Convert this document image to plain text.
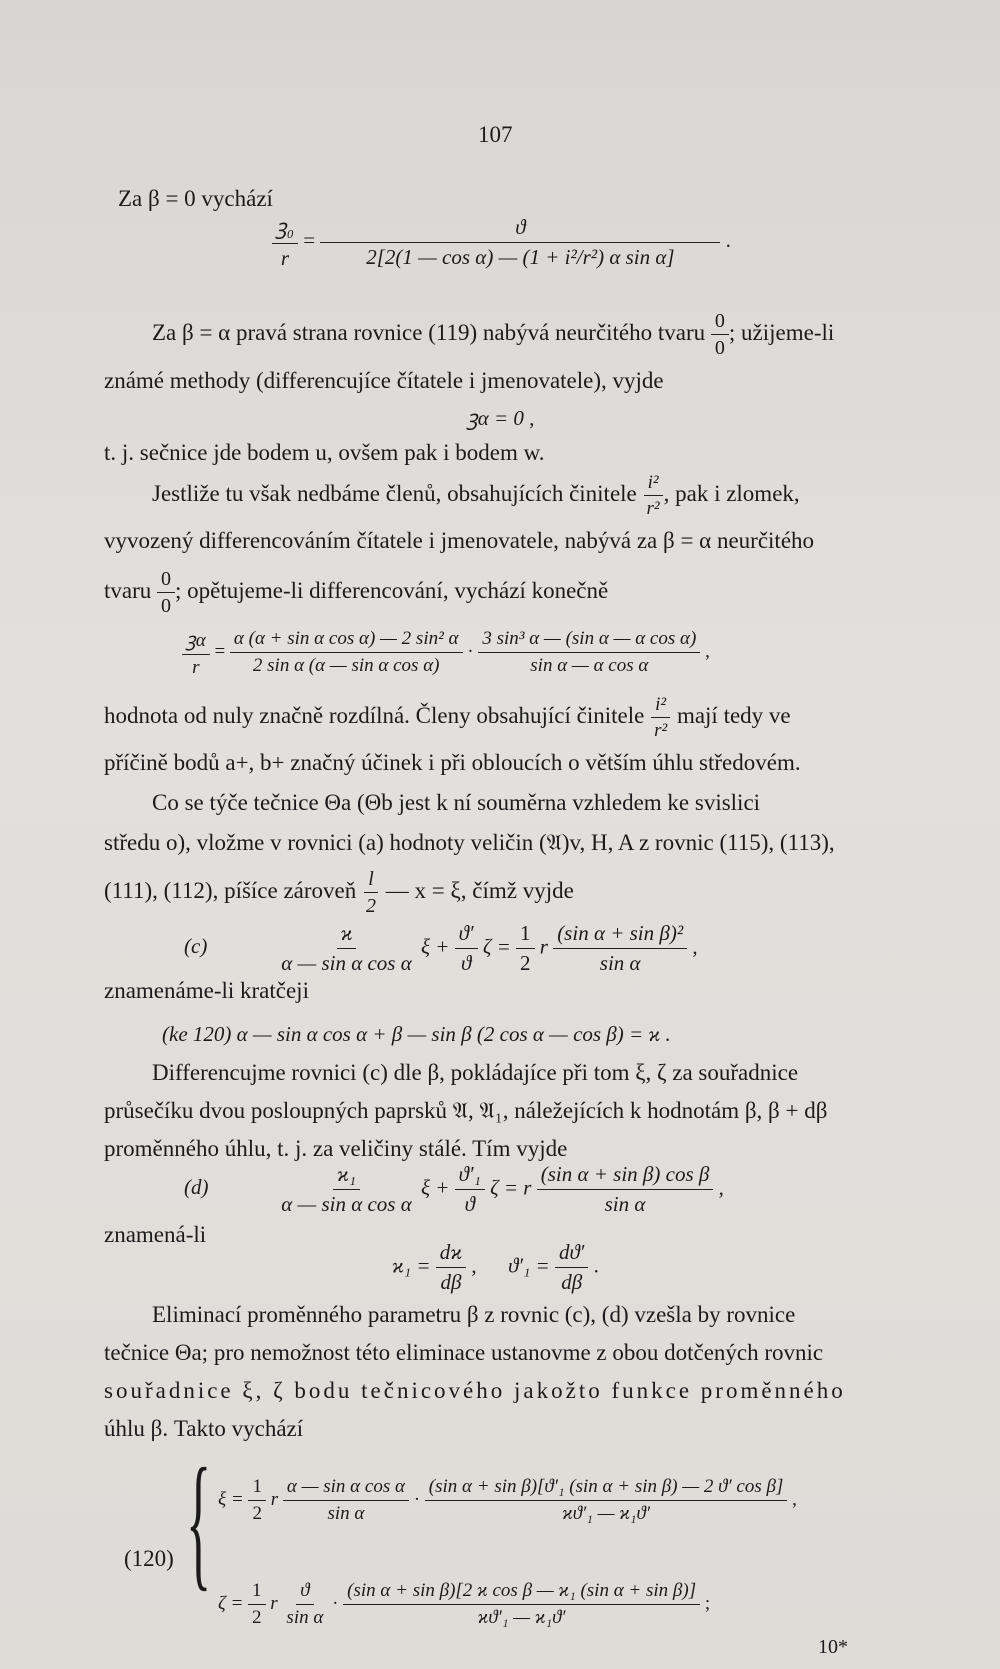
107
Za β = 0 vychází
$\frac{\text{ꝫ₀}}{r} = \frac{ϑ}{\text{2[2(1 — cos α) — (1 + i²/r²) α sin α]}}$ .
Za β = α pravá strana rovnice (119) nabývá neurčitého tvaru $\frac{0}{0}$ ; užijeme-li
známé methody (differencujíce čítatele i jmenovatele), vyjde
ꝫα = 0 ,
t. j. sečnice jde bodem u, ovšem pak i bodem w.
Jestliže tu však nedbáme členů, obsahujících činitele $\frac{\text{i²}}{\text{r²}}$ , pak i zlomek,
vyvozený differencováním čítatele i jmenovatele, nabývá za β = α neurčitého
tvaru $\frac{0}{0}$ ; opětujeme-li differencování, vychází konečně
$\frac{\text{ꝫα}}{r} = \frac{\text{α (α + sin α cos α) — 2 sin² α}}{\text{2 sin α (α — sin α cos α)}} \cdot \frac{\text{3 sin³ α — (sin α — α cos α)}}{\text{sin α — α cos α}}$ ,
hodnota od nuly značně rozdílná. Členy obsahující činitele $\frac{\text{i²}}{\text{r²}}$ mají tedy ve
příčině bodů a+, b+ značný účinek i při obloucích o větším úhlu středovém.
Co se týče tečnice Θa (Θb jest k ní souměrna vzhledem ke svislici
středu o), vložme v rovnici (a) hodnoty veličin (𝔄)v, H, A z rovnic (115), (113),
(111), (112), píšíce zároveň $\frac{l}{2}$ — x = ξ, čímž vyjde
(c)	$\frac{ϰ}{\text{α — sin α cos α}}$ $\xi + \frac{ϑ'}{ϑ}$ $\zeta = \frac{1}{2}$ r $\frac{\text{(sin α + sin β)²}}{\text{sin α}}$ ,
znamenáme-li kratčeji
(ke 120) α — sin α cos α + β — sin β (2 cos α — cos β) = ϰ .
Differencujme rovnici (c) dle β, pokládajíce při tom ξ, ζ za souřadnice
průsečíku dvou posloupných paprsků 𝔄, 𝔄₁, náležejících k hodnotám β, β + dβ
proměnného úhlu, t. j. za veličiny stálé. Tím vyjde
(d)	$\frac{\text{ϰ₁}}{\text{α — sin α cos α}}$ $\xi + \frac{\text{ϑ′₁}}{ϑ}$ ζ = r $\frac{\text{(sin α + sin β) cos β}}{\text{sin α}}$ ,
znamená-li
$ϰ_1 = \frac{dϰ}{d\beta}$ ,      $ϑ'_1 = \frac{dϑ'}{d\beta}$ .
Eliminací proměnného parametru β z rovnic (c), (d) vzešla by rovnice
tečnice Θa; pro nemožnost této eliminace ustanovme z obou dotčených rovnic
souřadnice ξ, ζ bodu tečnicového jakožto funkce proměnného
úhlu β. Takto vychází
(120) { $\xi = \frac{1}{2}$ r $\frac{\text{α — sin α cos α}}{\text{sin α}} \cdot \frac{\text{(sin α + sin β)[ϑ′₁ (sin α + sin β) — 2 ϑ′ cos β]}}{\text{ϰϑ′₁ — ϰ₁ϑ′}}$ ,
$\zeta = \frac{1}{2}$ r $\frac{ϑ}{\text{sin α}} \cdot \frac{\text{(sin α + sin β)[2 ϰ cos β — ϰ₁ (sin α + sin β)]}}{\text{ϰϑ′₁ — ϰ₁ϑ′}}$ ;
10*
